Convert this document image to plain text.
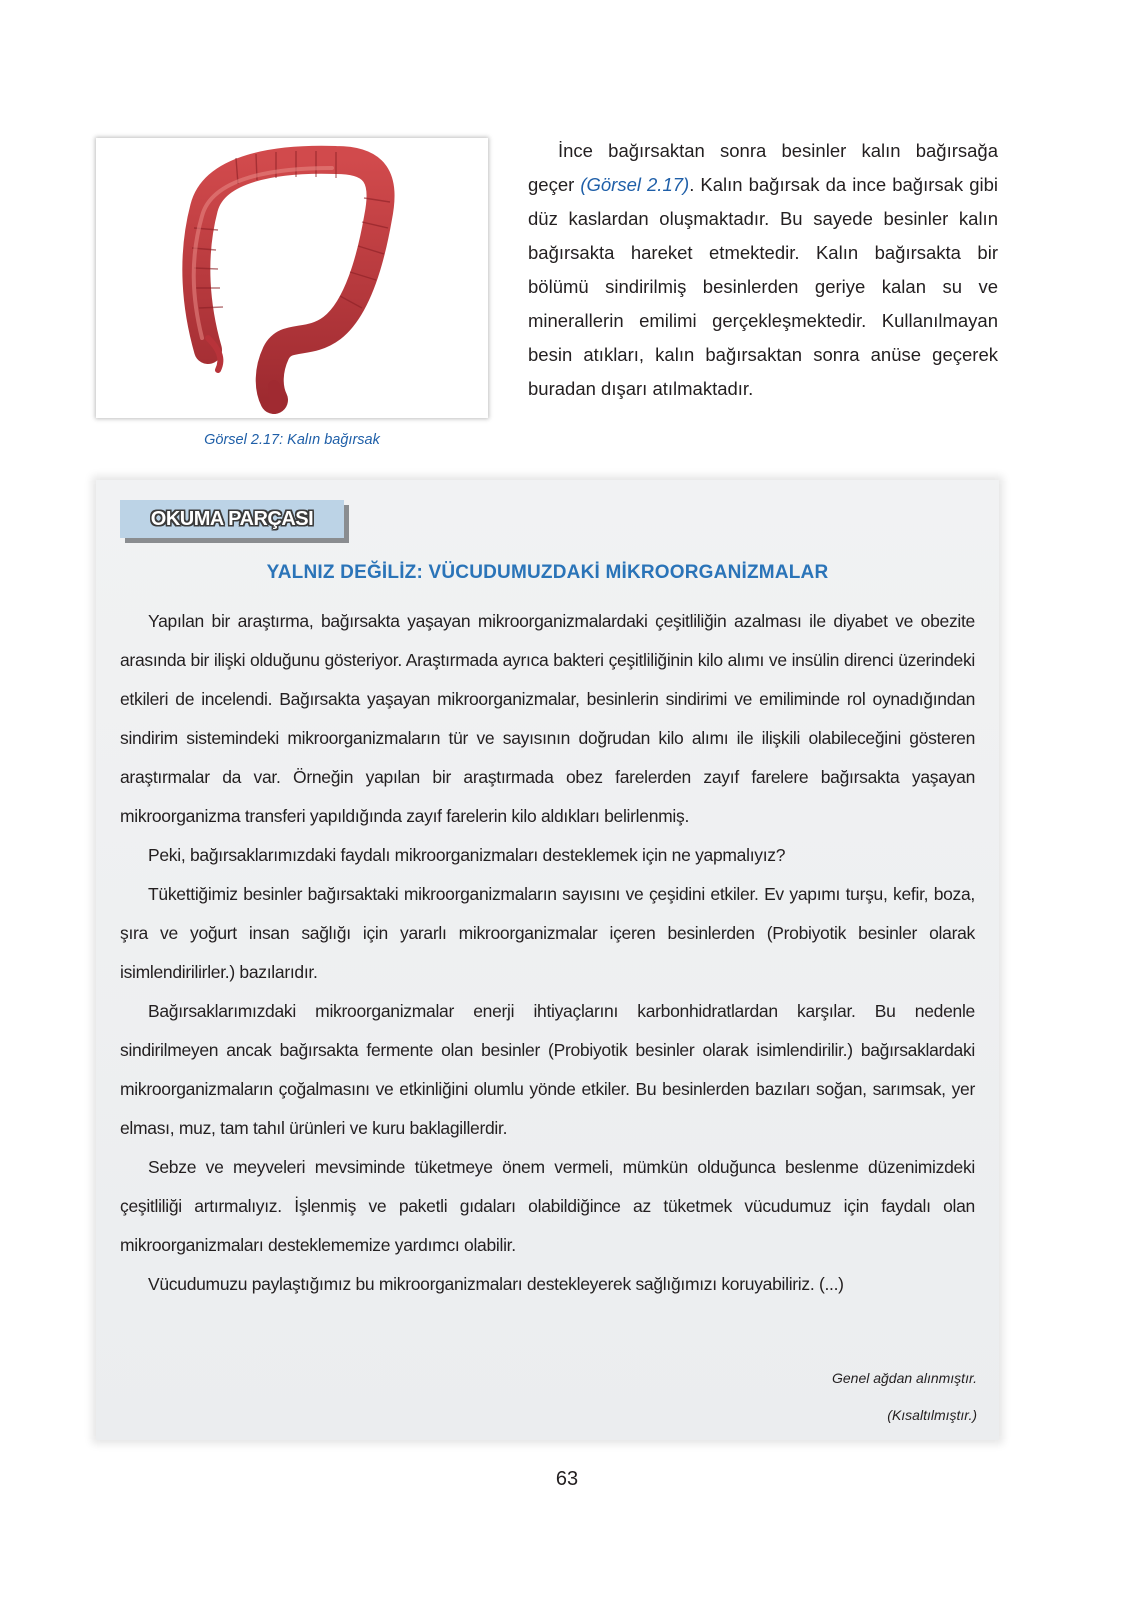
Görsel 2.17: Kalın bağırsak

İnce bağırsaktan sonra besinler kalın bağırsağa geçer (Görsel 2.17). Kalın bağırsak da ince bağırsak gibi düz kaslardan oluşmaktadır. Bu sayede besinler kalın bağırsakta hareket etmektedir. Kalın bağırsakta bir bölümü sindirilmiş besinlerden geriye kalan su ve minerallerin emilimi gerçekleşmektedir. Kullanılmayan besin atıkları, kalın bağırsaktan sonra anüse geçerek buradan dışarı atılmaktadır.

OKUMA PARÇASI
YALNIZ DEĞİLİZ: VÜCUDUMUZDAKİ MİKROORGANİZMALAR

Yapılan bir araştırma, bağırsakta yaşayan mikroorganizmalardaki çeşitliliğin azalması ile diyabet ve obezite arasında bir ilişki olduğunu gösteriyor. Araştırmada ayrıca bakteri çeşitliliğinin kilo alımı ve insülin direnci üzerindeki etkileri de incelendi. Bağırsakta yaşayan mikroorganizmalar, besinlerin sindirimi ve emiliminde rol oynadığından sindirim sistemindeki mikroorganizmaların tür ve sayısının doğrudan kilo alımı ile ilişkili olabileceğini gösteren araştırmalar da var. Örneğin yapılan bir araştırmada obez farelerden zayıf farelere bağırsakta yaşayan mikroorganizma transferi yapıldığında zayıf farelerin kilo aldıkları belirlenmiş.

Peki, bağırsaklarımızdaki faydalı mikroorganizmaları desteklemek için ne yapmalıyız?

Tükettiğimiz besinler bağırsaktaki mikroorganizmaların sayısını ve çeşidini etkiler. Ev yapımı turşu, kefir, boza, şıra ve yoğurt insan sağlığı için yararlı mikroorganizmalar içeren besinlerden (Probiyotik besinler olarak isimlendirilirler.) bazılarıdır.

Bağırsaklarımızdaki mikroorganizmalar enerji ihtiyaçlarını karbonhidratlardan karşılar. Bu nedenle sindirilmeyen ancak bağırsakta fermente olan besinler (Probiyotik besinler olarak isimlendirilir.) bağırsaklardaki mikroorganizmaların çoğalmasını ve etkinliğini olumlu yönde etkiler. Bu besinlerden bazıları soğan, sarımsak, yer elması, muz, tam tahıl ürünleri ve kuru baklagillerdir.

Sebze ve meyveleri mevsiminde tüketmeye önem vermeli, mümkün olduğunca beslenme düzenimizdeki çeşitliliği artırmalıyız. İşlenmiş ve paketli gıdaları olabildiğince az tüketmek vücudumuz için faydalı olan mikroorganizmaları desteklememize yardımcı olabilir.

Vücudumuzu paylaştığımız bu mikroorganizmaları destekleyerek sağlığımızı koruyabiliriz. (...)

Genel ağdan alınmıştır.
(Kısaltılmıştır.)
63
